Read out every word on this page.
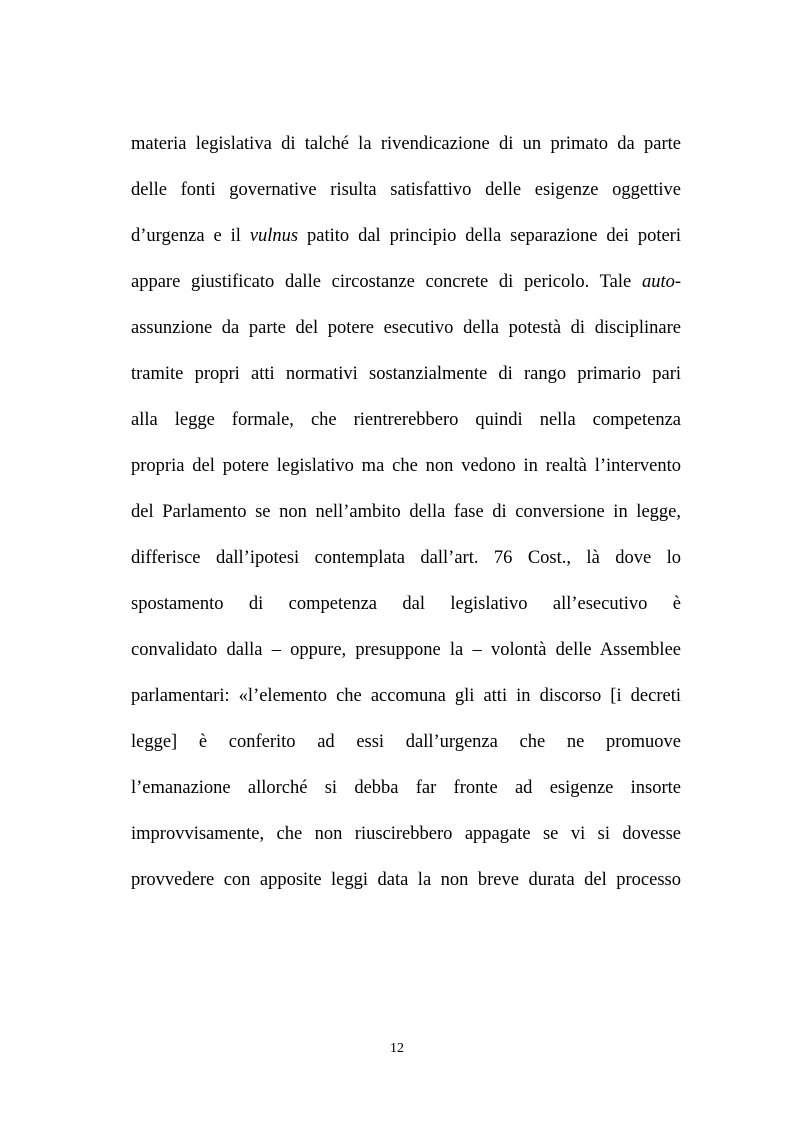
materia legislativa di talché la rivendicazione di un primato da parte
delle fonti governative risulta satisfattivo delle esigenze oggettive
d’urgenza e il vulnus patito dal principio della separazione dei poteri
appare giustificato dalle circostanze concrete di pericolo. Tale auto-
assunzione da parte del potere esecutivo della potestà di disciplinare
tramite propri atti normativi sostanzialmente di rango primario pari
alla legge formale, che rientrerebbero quindi nella competenza
propria del potere legislativo ma che non vedono in realtà l’intervento
del Parlamento se non nell’ambito della fase di conversione in legge,
differisce dall’ipotesi contemplata dall’art. 76 Cost., là dove lo
spostamento di competenza dal legislativo all’esecutivo è
convalidato dalla – oppure, presuppone la – volontà delle Assemblee
parlamentari: «l’elemento che accomuna gli atti in discorso [i decreti
legge] è conferito ad essi dall’urgenza che ne promuove
l’emanazione allorché si debba far fronte ad esigenze insorte
improvvisamente, che non riuscirebbero appagate se vi si dovesse
provvedere con apposite leggi data la non breve durata del processo
12
